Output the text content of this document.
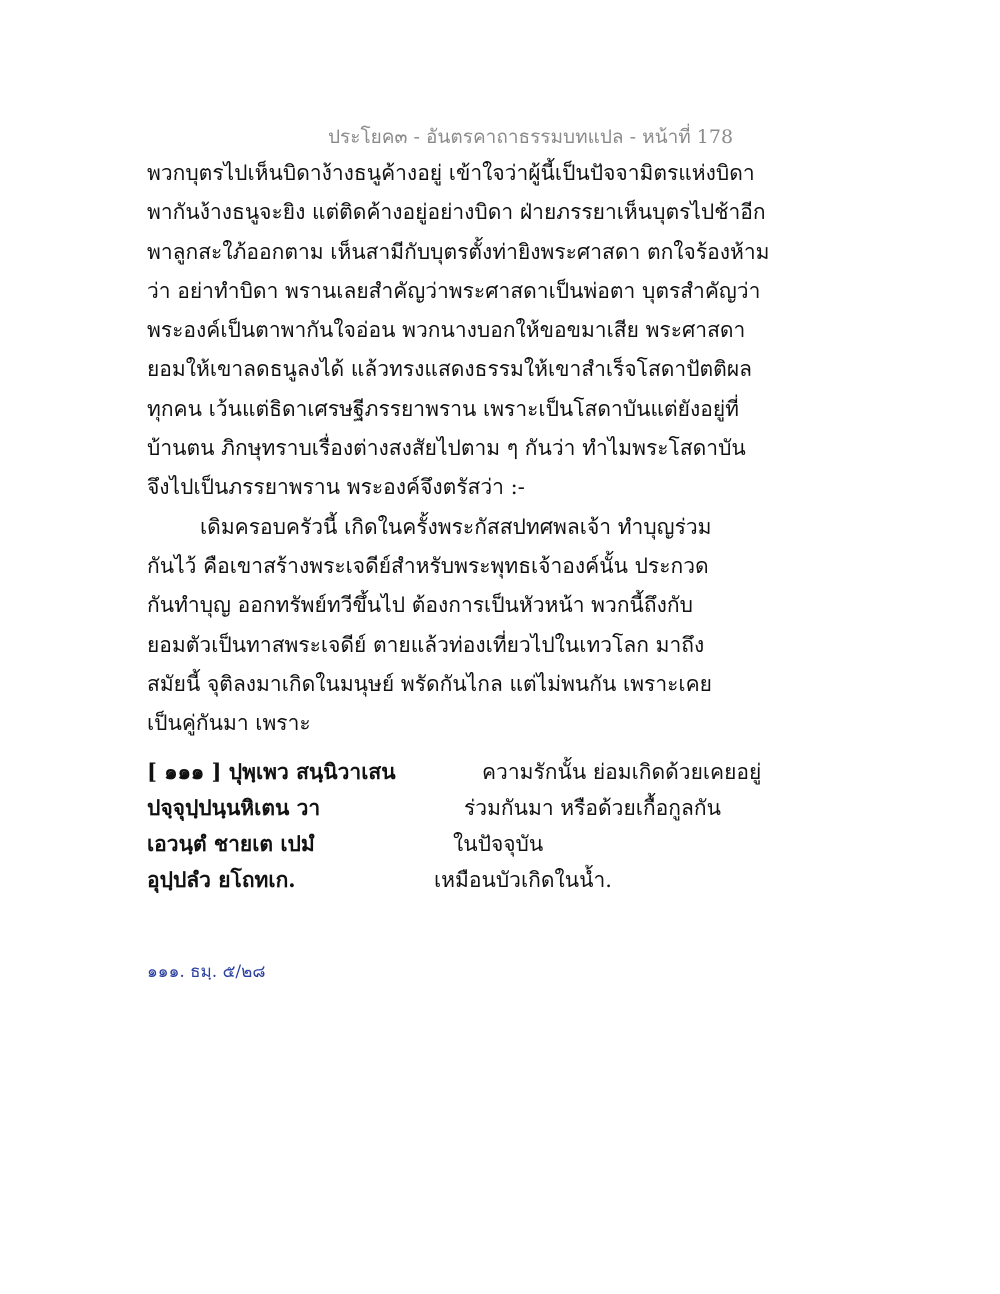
ประโยค๓ - อันตรคาถาธรรมบทแปล - หน้าที่ 178
พวกบุตรไปเห็นบิดาง้างธนูค้างอยู่ เข้าใจว่าผู้นี้เป็นปัจจามิตรแห่งบิดา
พากันง้างธนูจะยิง แต่ติดค้างอยู่อย่างบิดา ฝ่ายภรรยาเห็นบุตรไปช้าอีก
พาลูกสะใภ้ออกตาม เห็นสามีกับบุตรตั้งท่ายิงพระศาสดา ตกใจร้องห้าม
ว่า อย่าทำบิดา พรานเลยสำคัญว่าพระศาสดาเป็นพ่อตา บุตรสำคัญว่า
พระองค์เป็นตาพากันใจอ่อน พวกนางบอกให้ขอขมาเสีย พระศาสดา
ยอมให้เขาลดธนูลงได้ แล้วทรงแสดงธรรมให้เขาสำเร็จโสดาปัตติผล
ทุกคน เว้นแต่ธิดาเศรษฐีภรรยาพราน เพราะเป็นโสดาบันแต่ยังอยู่ที่
บ้านตน ภิกษุทราบเรื่องต่างสงสัยไปตาม ๆ กันว่า ทำไมพระโสดาบัน
จึงไปเป็นภรรยาพราน พระองค์จึงตรัสว่า :-
เดิมครอบครัวนี้ เกิดในครั้งพระกัสสปทศพลเจ้า ทำบุญร่วม
กันไว้ คือเขาสร้างพระเจดีย์สำหรับพระพุทธเจ้าองค์นั้น ประกวด
กันทำบุญ ออกทรัพย์ทวีขึ้นไป ต้องการเป็นหัวหน้า พวกนี้ถึงกับ
ยอมตัวเป็นทาสพระเจดีย์ ตายแล้วท่องเที่ยวไปในเทวโลก มาถึง
สมัยนี้ จุติลงมาเกิดในมนุษย์ พรัดกันไกล แต่ไม่พนกัน เพราะเคย
เป็นคู่กันมา เพราะ
[ ๑๑๑ ] ปุพฺเพว สนฺนิวาเสน	ความรักนั้น ย่อมเกิดด้วยเคยอยู่
ปจฺจุปฺปนฺนหิเตน วา	ร่วมกันมา หรือด้วยเกื้อกูลกัน
เอวนฺตํ ชายเต เปมํ	ในปัจจุบัน
อุปฺปลํว ยโถทเก.	เหมือนบัวเกิดในน้ำ.
๑๑๑. ธมฺ. ๕/๒๘
